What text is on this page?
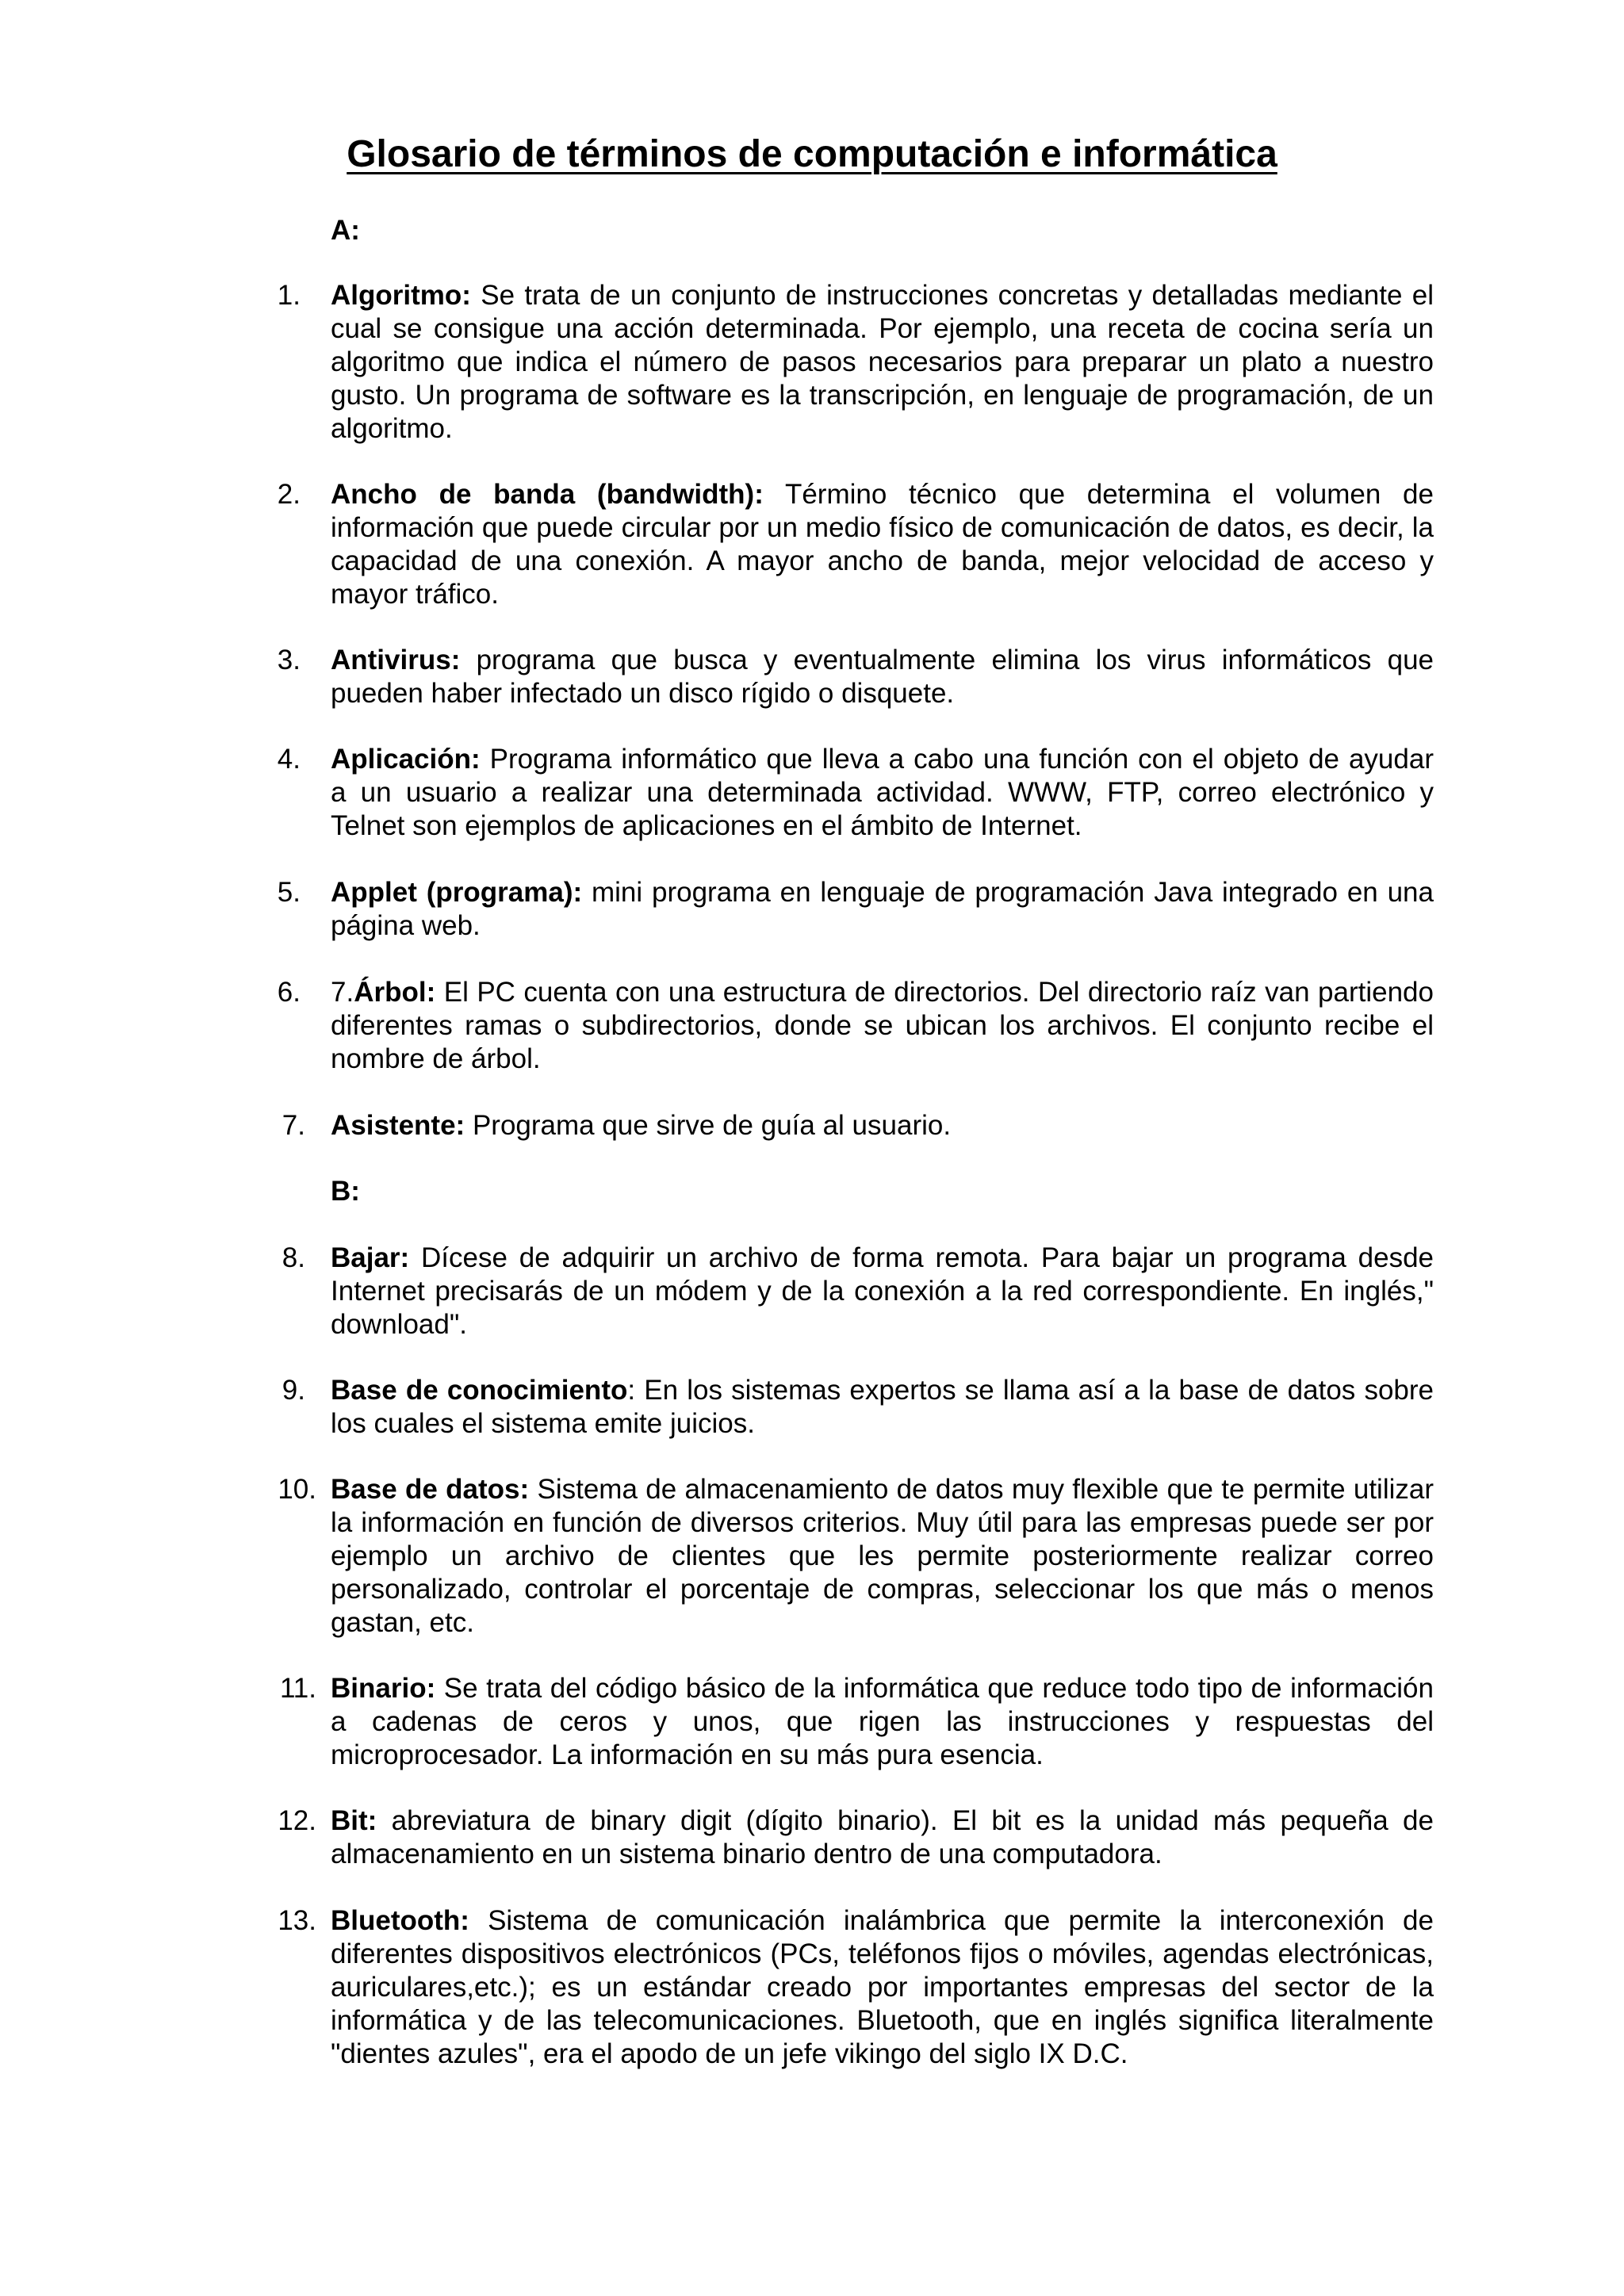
Glosario de términos de computación e informática
A:
1. Algoritmo: Se trata de un conjunto de instrucciones concretas y detalladas mediante el cual se consigue una acción determinada. Por ejemplo, una receta de cocina sería un algoritmo que indica el número de pasos necesarios para preparar un plato a nuestro gusto. Un programa de software es la transcripción, en lenguaje de programación, de un algoritmo.
2. Ancho de banda (bandwidth): Término técnico que determina el volumen de información que puede circular por un medio físico de comunicación de datos, es decir, la capacidad de una conexión. A mayor ancho de banda, mejor velocidad de acceso y mayor tráfico.
3. Antivirus: programa que busca y eventualmente elimina los virus informáticos que pueden haber infectado un disco rígido o disquete.
4. Aplicación: Programa informático que lleva a cabo una función con el objeto de ayudar a un usuario a realizar una determinada actividad. WWW, FTP, correo electrónico y Telnet son ejemplos de aplicaciones en el ámbito de Internet.
5. Applet (programa): mini programa en lenguaje de programación Java integrado en una página web.
6. 7.Árbol: El PC cuenta con una estructura de directorios. Del directorio raíz van partiendo diferentes ramas o subdirectorios, donde se ubican los archivos. El conjunto recibe el nombre de árbol.
7. Asistente: Programa que sirve de guía al usuario.
B:
8. Bajar: Dícese de adquirir un archivo de forma remota. Para bajar un programa desde Internet precisarás de un módem y de la conexión a la red correspondiente. En inglés," download".
9. Base de conocimiento: En los sistemas expertos se llama así a la base de datos sobre los cuales el sistema emite juicios.
10. Base de datos: Sistema de almacenamiento de datos muy flexible que te permite utilizar la información en función de diversos criterios. Muy útil para las empresas puede ser por ejemplo un archivo de clientes que les permite posteriormente realizar correo personalizado, controlar el porcentaje de compras, seleccionar los que más o menos gastan, etc.
11. Binario: Se trata del código básico de la informática que reduce todo tipo de información a cadenas de ceros y unos, que rigen las instrucciones y respuestas del microprocesador. La información en su más pura esencia.
12. Bit: abreviatura de binary digit (dígito binario). El bit es la unidad más pequeña de almacenamiento en un sistema binario dentro de una computadora.
13. Bluetooth: Sistema de comunicación inalámbrica que permite la interconexión de diferentes dispositivos electrónicos (PCs, teléfonos fijos o móviles, agendas electrónicas, auriculares,etc.); es un estándar creado por importantes empresas del sector de la informática y de las telecomunicaciones. Bluetooth, que en inglés significa literalmente "dientes azules", era el apodo de un jefe vikingo del siglo IX D.C.
